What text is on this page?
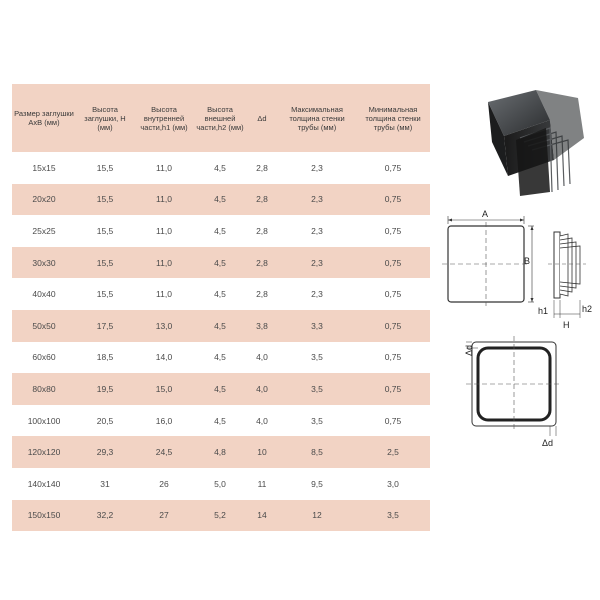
Размер заглушки AxB (мм)	Высота заглушки, H (мм)	Высота внутренней части,h1 (мм)	Высота внешней части,h2 (мм)	Δd	Максимальная толщина стенки трубы (мм)	Минимальная толщина стенки трубы (мм)
15x15	15,5	11,0	4,5	2,8	2,3	0,75
20x20	15,5	11,0	4,5	2,8	2,3	0,75
25x25	15,5	11,0	4,5	2,8	2,3	0,75
30x30	15,5	11,0	4,5	2,8	2,3	0,75
40x40	15,5	11,0	4,5	2,8	2,3	0,75
50x50	17,5	13,0	4,5	3,8	3,3	0,75
60x60	18,5	14,0	4,5	4,0	3,5	0,75
80x80	19,5	15,0	4,5	4,0	3,5	0,75
100x100	20,5	16,0	4,5	4,0	3,5	0,75
120x120	29,3	24,5	4,8	10	8,5	2,5
140x140	31	26	5,0	11	9,5	3,0
150x150	32,2	27	5,2	14	12	3,5
A
B
h1	h2
H
Δd
Δd
